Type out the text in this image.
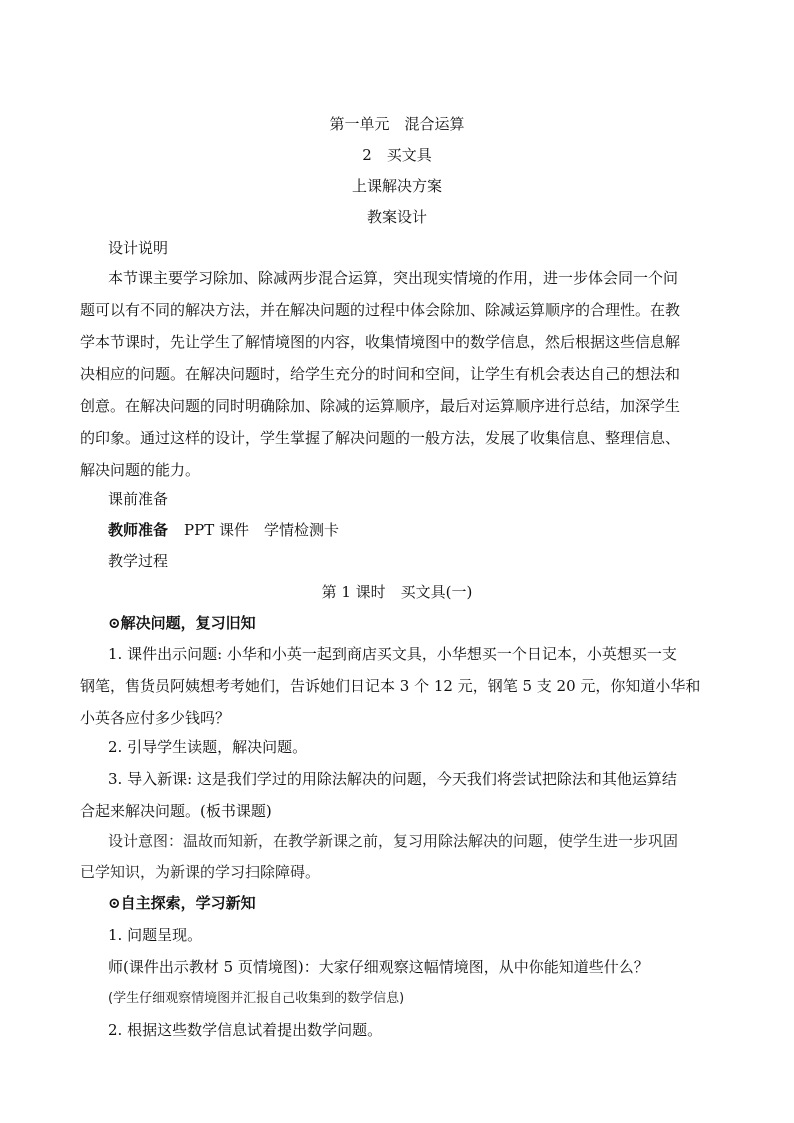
第一单元　混合运算
2　买文具
上课解决方案
教案设计
设计说明
本节课主要学习除加、除减两步混合运算，突出现实情境的作用，进一步体会同一个问
题可以有不同的解决方法，并在解决问题的过程中体会除加、除减运算顺序的合理性。在教
学本节课时，先让学生了解情境图的内容，收集情境图中的数学信息，然后根据这些信息解
决相应的问题。在解决问题时，给学生充分的时间和空间，让学生有机会表达自己的想法和
创意。在解决问题的同时明确除加、除减的运算顺序，最后对运算顺序进行总结，加深学生
的印象。通过这样的设计，学生掌握了解决问题的一般方法，发展了收集信息、整理信息、
解决问题的能力。
课前准备
教师准备 PPT 课件　学情检测卡
教学过程
第 1 课时　买文具(一)
⊙解决问题，复习旧知
1. 课件出示问题: 小华和小英一起到商店买文具，小华想买一个日记本，小英想买一支
钢笔，售货员阿姨想考考她们，告诉她们日记本 3 个 12 元，钢笔 5 支 20 元，你知道小华和
小英各应付多少钱吗？
2. 引导学生读题，解决问题。
3. 导入新课: 这是我们学过的用除法解决的问题，今天我们将尝试把除法和其他运算结
合起来解决问题。(板书课题)
设计意图：温故而知新，在教学新课之前，复习用除法解决的问题，使学生进一步巩固
已学知识，为新课的学习扫除障碍。
⊙自主探索，学习新知
1. 问题呈现。
师(课件出示教材 5 页情境图)：大家仔细观察这幅情境图，从中你能知道些什么？
(学生仔细观察情境图并汇报自己收集到的数学信息)
2. 根据这些数学信息试着提出数学问题。
